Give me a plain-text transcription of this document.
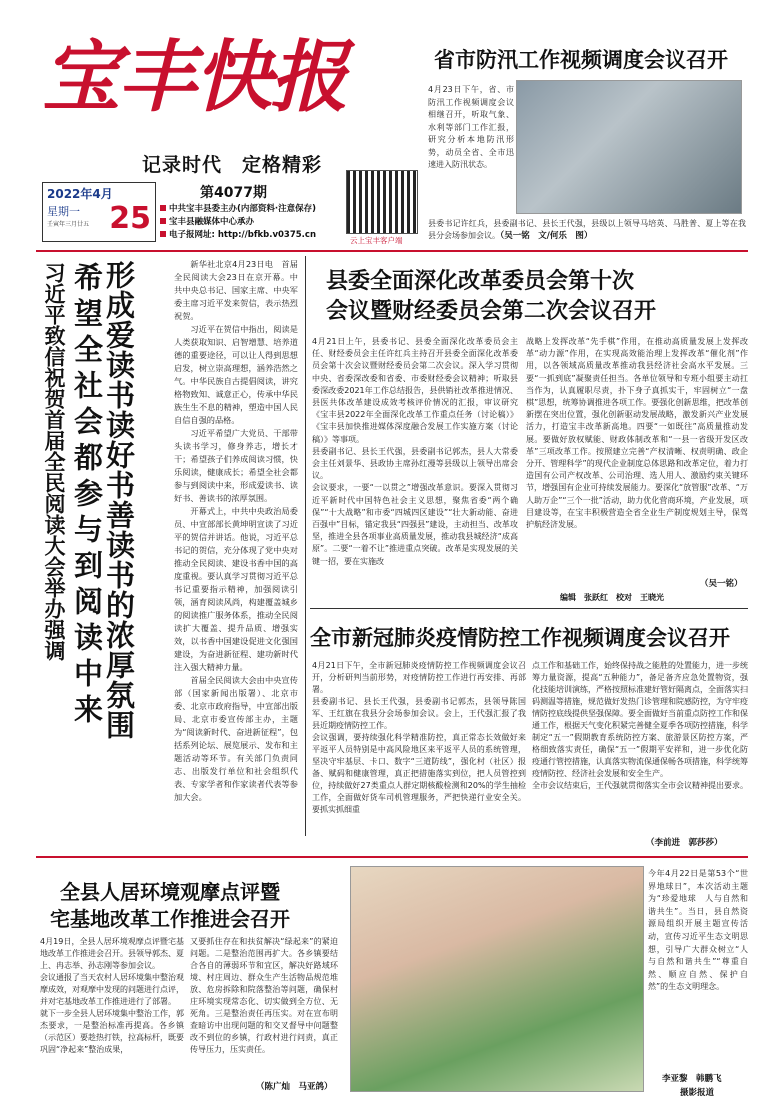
宝丰快报
记录时代　定格精彩
第4077期
2022年4月
星期一
壬寅年三月廿五 25	中共宝丰县委主办(内部资料·注意保存)
宝丰县融媒体中心承办
电子报网址: http://bfkb.v0375.cn
云上宝丰客户端
省市防汛工作视频调度会议召开
4月23日下午，省、市防汛工作视频调度会议相继召开，听取气象、水利等部门工作汇报，研究分析本地防汛形势，动员全省、全市迅速进入防汛状态。
县委书记许红兵，县委副书记、县长王代强，县级以上领导马培英、马胜普、夏上等在我县分会场参加会议。（吴一铭　文/何乐　图）
形成爱读书读好书善读书的浓厚氛围
希望全社会都参与到阅读中来
习近平致信祝贺首届全民阅读大会举办强调	新华社北京4月23日电　首届全民阅读大会23日在京开幕。中共中央总书记、国家主席、中央军委主席习近平发来贺信，表示热烈祝贺。

习近平在贺信中指出，阅读是人类获取知识、启智增慧、培养道德的重要途径，可以让人得到思想启发，树立崇高理想，涵养浩然之气。中华民族自古提倡阅读，讲究格物致知、诚意正心，传承中华民族生生不息的精神，塑造中国人民自信自强的品格。

习近平希望广大党员、干部带头读书学习，修身养志，增长才干；希望孩子们养成阅读习惯，快乐阅读，健康成长；希望全社会都参与到阅读中来，形成爱读书、读好书、善读书的浓厚氛围。

开幕式上，中共中央政治局委员、中宣部部长黄坤明宣读了习近平的贺信并讲话。他说，习近平总书记的贺信，充分体现了党中央对推动全民阅读、建设书香中国的高度重视。要认真学习贯彻习近平总书记重要指示精神，加强阅读引领，涵育阅读风尚，构建覆盖城乡的阅读推广服务体系，推动全民阅读扩大覆盖、提升品质、增强实效，以书香中国建设促进文化强国建设，为奋进新征程、建功新时代注入强大精神力量。

首届全民阅读大会由中央宣传部（国家新闻出版署）、北京市委、北京市政府指导，中宣部出版局、北京市委宣传部主办，主题为“阅读新时代、奋进新征程”，包括系列论坛、展览展示、发布和主题活动等环节。有关部门负责同志、出版发行单位和社会组织代表、专家学者和作家读者代表等参加大会。

县委全面深化改革委员会第十次
会议暨财经委员会第二次会议召开
4月21日上午，县委书记、县委全面深化改革委员会主任、财经委员会主任许红兵主持召开县委全面深化改革委员会第十次会议暨财经委员会第二次会议。深入学习贯彻中央、省委深改委和省委、市委财经委会议精神；听取县委深改委2021年工作总结报告，县供销社改革推进情况、县医共体改革建设成效考核评价情况的汇报，审议研究《宝丰县2022年全面深化改革工作重点任务（讨论稿）》《宝丰县加快推进媒体深度融合发展工作实施方案（讨论稿）》等事项。
县委副书记、县长王代强，县委副书记郭杰，县人大常委会主任刘景华、县政协主席孙红漫等县级以上领导出席会议。
会议要求，一要“一以贯之”增强改革意识。要深入贯彻习近平新时代中国特色社会主义思想，聚焦省委“两个确保”“十大战略”和市委“四城四区建设”“壮大新动能、奋进百强中”目标，锚定我县“四强县”建设，主动担当、改革攻坚，推进全县各项事业高质量发展，推动我县城经济“成高原”。二要“一着不让”推进重点突破。改革是实现发展的关键一招，要在实施改
战略上发挥改革“先手棋”作用，在推动高质量发展上发挥改革“动力源”作用，在实现高效能治理上发挥改革“催化剂”作用，以各领域高质量改革推动我县经济社会高水平发展。三要“一抓到底”凝聚责任担当。各单位领导和专班小组要主动扛当作为，认真履职尽责，扑下身子真抓实干，牢固树立“一盘棋”思想，统筹协调推进各项工作。要强化创新思维，把改革创新摆在突出位置，强化创新驱动发展战略，激发新兴产业发展活力，打造宝丰改革新高地。四要“一如既往”高质量推动发展。要做好放权赋能、财政体制改革和“一县一省级开发区改革”三项改革工作。按照建立完善“产权清晰、权责明确、政企分开、管理科学”的现代企业制度总体思路和改革定位，着力打造国有公司产权改革、公司治理、选人用人、激励约束关键环节，增强国有企业可持续发展能力。要深化“放管服”改革、“万人助万企”“三个一批”活动，助力优化营商环境，产业发展，项目建设等，在宝丰积极营造全省全业生产制度规划主导，保驾护航经济发展。
（吴一铭）
编辑　张跃红　校对　王晓光
全市新冠肺炎疫情防控工作视频调度会议召开
4月21日下午，全市新冠肺炎疫情防控工作视频调度会议召开，分析研判当前形势，对疫情防控工作进行再安排、再部署。
县委副书记、县长王代强，县委副书记郭杰，县领导陈国军、王红旗在我县分会场参加会议。会上，王代强汇报了我县近期疫情防控工作。
会议强调，要持续强化科学精准防控，真正常态长效做好来平返平人员特别是中高风险地区来平返平人员的系统管理，坚决守牢基层、卡口、数字“三道防线”，强化村（社区）报备、赋码和健康管理，真正把措施落实到位，把人员管控到位，持续做好27类重点人群定期核酸检测和20%的学生抽检工作，全面做好货车司机管理服务，严把快递行业安全关。要抓实抓细重
点工作和基础工作，始终保持战之能胜的处置能力，进一步统筹力量资源，提高“五种能力”，备足备齐应急处置物资，强化技能培训演练，严格按照标准建好管好隔离点，全面落实扫码测温等措施，规范做好发热门诊管理和院感防控，为守牢疫情防控底线提供坚强保障。要全面做好当前重点防控工作和保通工作，根据天气变化积紧完善健全夏季各项防控措施，科学制定“五一”假期教育系统防控方案、旅游景区防控方案，严格细致落实责任，确保“五一”假期平安祥和，进一步优化防疫通行管控措施，认真落实物流保通保畅各项措施，科学统筹疫情防控、经济社会发展和安全生产。
全市会议结束后，王代强就贯彻落实全市会议精神提出要求。
（李前进　郭莎莎）
全县人居环境观摩点评暨
宅基地改革工作推进会召开
4月19日，全县人居环境观摩点评暨宅基地改革工作推进会召开。县领导郭杰、夏上、冉志举、孙志刚等参加会议。
会议通报了当天农村人居环境集中整治观摩成效，对观摩中发现的问题进行点评，并对宅基地改革工作推进进行了部署。
就下一步全县人居环境集中整治工作，郭杰要求，一是整治标准再提高。各乡镇（示范区）要趁热打铁，拉高标杆，既要巩固“净起来”整治成果，
又要抓住存在和扶贫解决“绿起来”的紧迫问题。二是整治范围再扩大。各乡镇要结合各自的薄弱环节和宜区，解决好路域环境、村庄周边、群众生产生活物品规范堆放、危房拆除和院落整治等问题，确保村庄环境实现常态化、切实做到全方位、无死角。三是整治责任再压实。对在宣布明查暗访中出现问题的和交叉督导中问题整改不到位的乡镇，行政村进行问责，真正传导压力，压实责任。
（陈广灿　马亚鸽）
今年4月22日是第53个“世界地球日”，本次活动主题为“珍爱地球　人与自然和谐共生”。当日，县自然资源局组织开展主题宣传活动，宣传习近平生态文明思想，引导广大群众树立“人与自然和谐共生”“尊重自然、顺应自然、保护自然”的生态文明理念。
李亚黎　韩鹏飞
摄影报道
